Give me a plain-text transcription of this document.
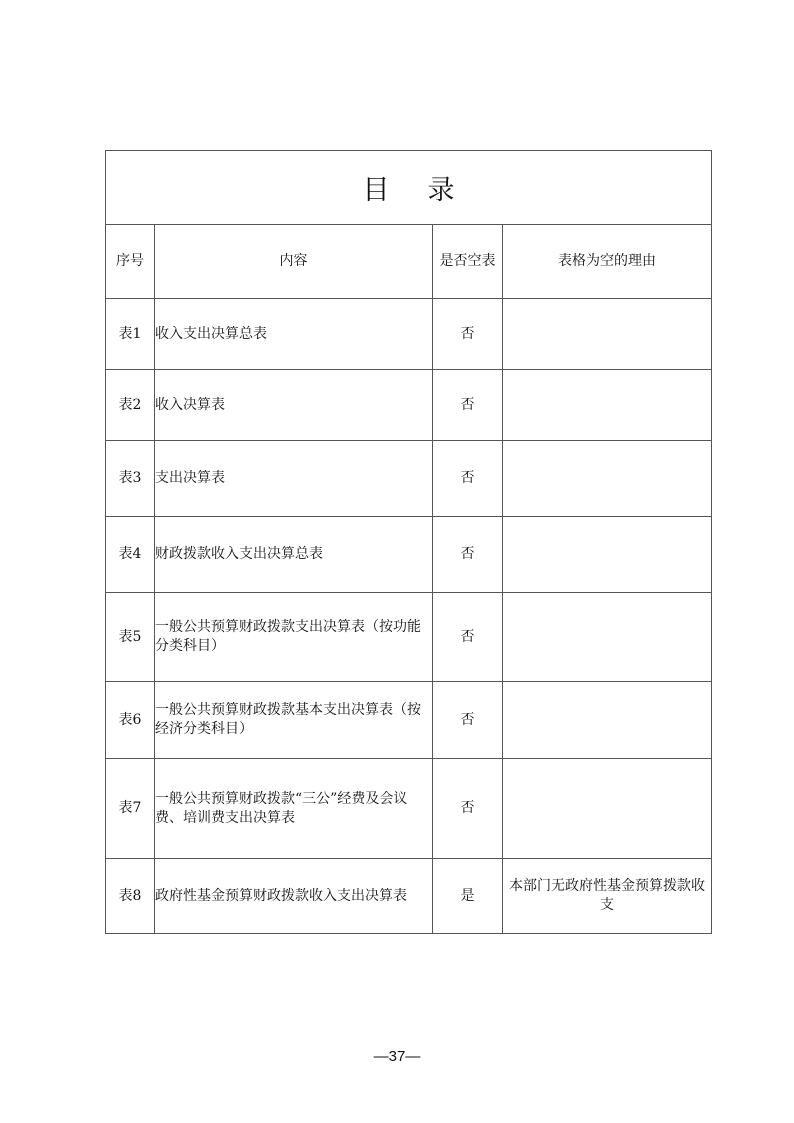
目录			
序号	内容	是否空表	表格为空的理由
表1	收入支出决算总表	否	
表2	收入决算表	否	
表3	支出决算表	否	
表4	财政拨款收入支出决算总表	否	
表5	一般公共预算财政拨款支出决算表（按功能分类科目）	否	
表6	一般公共预算财政拨款基本支出决算表（按经济分类科目）	否	
表7	一般公共预算财政拨款“三公”经费及会议费、培训费支出决算表	否	
表8	政府性基金预算财政拨款收入支出决算表	是	本部门无政府性基金预算拨款收支
—37—
